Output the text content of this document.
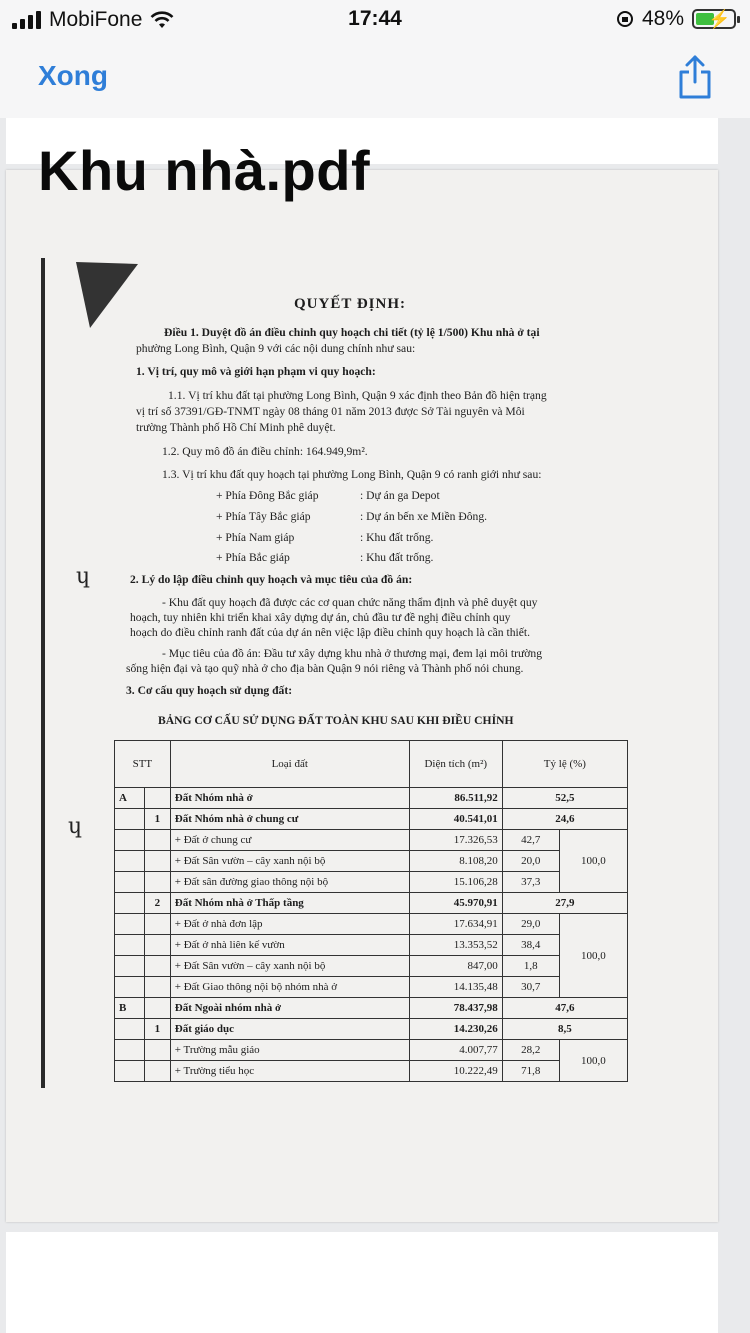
MobiFone	17:44	48% ⚡
Xong
Khu nhà.pdf
QUYẾT ĐỊNH:
Điều 1. Duyệt đồ án điều chỉnh quy hoạch chi tiết (tỷ lệ 1/500) Khu nhà ở tại
phường Long Bình, Quận 9 với các nội dung chính như sau:
1. Vị trí, quy mô và giới hạn phạm vi quy hoạch:
1.1. Vị trí khu đất tại phường Long Bình, Quận 9 xác định theo Bản đồ hiện trạng
vị trí số 37391/GĐ-TNMT ngày 08 tháng 01 năm 2013 được Sở Tài nguyên và Môi
trường Thành phố Hồ Chí Minh phê duyệt.
1.2. Quy mô đồ án điều chỉnh: 164.949,9m².
1.3. Vị trí khu đất quy hoạch tại phường Long Bình, Quận 9 có ranh giới như sau:
+ Phía Đông Bắc giáp	: Dự án ga Depot
+ Phía Tây Bắc giáp	: Dự án bến xe Miền Đông.
+ Phía Nam giáp	: Khu đất trống.
+ Phía Bắc giáp	: Khu đất trống.
ɥ	2. Lý do lập điều chỉnh quy hoạch và mục tiêu của đồ án:
- Khu đất quy hoạch đã được các cơ quan chức năng thẩm định và phê duyệt quy
hoạch, tuy nhiên khi triển khai xây dựng dự án, chủ đầu tư đề nghị điều chỉnh quy
hoạch do điều chỉnh ranh đất của dự án nên việc lập điều chỉnh quy hoạch là cần thiết.
- Mục tiêu của đồ án: Đầu tư xây dựng khu nhà ở thương mại, đem lại môi trường
sống hiện đại và tạo quỹ nhà ở cho địa bàn Quận 9 nói riêng và Thành phố nói chung.
3. Cơ cấu quy hoạch sử dụng đất:
BẢNG CƠ CẤU SỬ DỤNG ĐẤT TOÀN KHU SAU KHI ĐIỀU CHỈNH
ɥ
STT		Loại đất	Diện tích (m²)	Tỷ lệ (%)	
A		Đất Nhóm nhà ở	86.511,92	52,5	
	1	Đất Nhóm nhà ở chung cư	40.541,01	24,6	
		+ Đất ở chung cư	17.326,53	42,7	100,0
		+ Đất Sân vườn – cây xanh nội bộ	8.108,20	20,0	
		+ Đất sân đường giao thông nội bộ	15.106,28	37,3	
	2	Đất Nhóm nhà ở Thấp tầng	45.970,91	27,9	
		+ Đất ở nhà đơn lập	17.634,91	29,0	100,0
		+ Đất ở nhà liên kế vườn	13.353,52	38,4	
		+ Đất Sân vườn – cây xanh nội bộ	847,00	1,8	
		+ Đất Giao thông nội bộ nhóm nhà ở	14.135,48	30,7	
B		Đất Ngoài nhóm nhà ở	78.437,98	47,6	
	1	Đất giáo dục	14.230,26	8,5	
		+ Trường mẫu giáo	4.007,77	28,2	100,0
		+ Trường tiểu học	10.222,49	71,8	
